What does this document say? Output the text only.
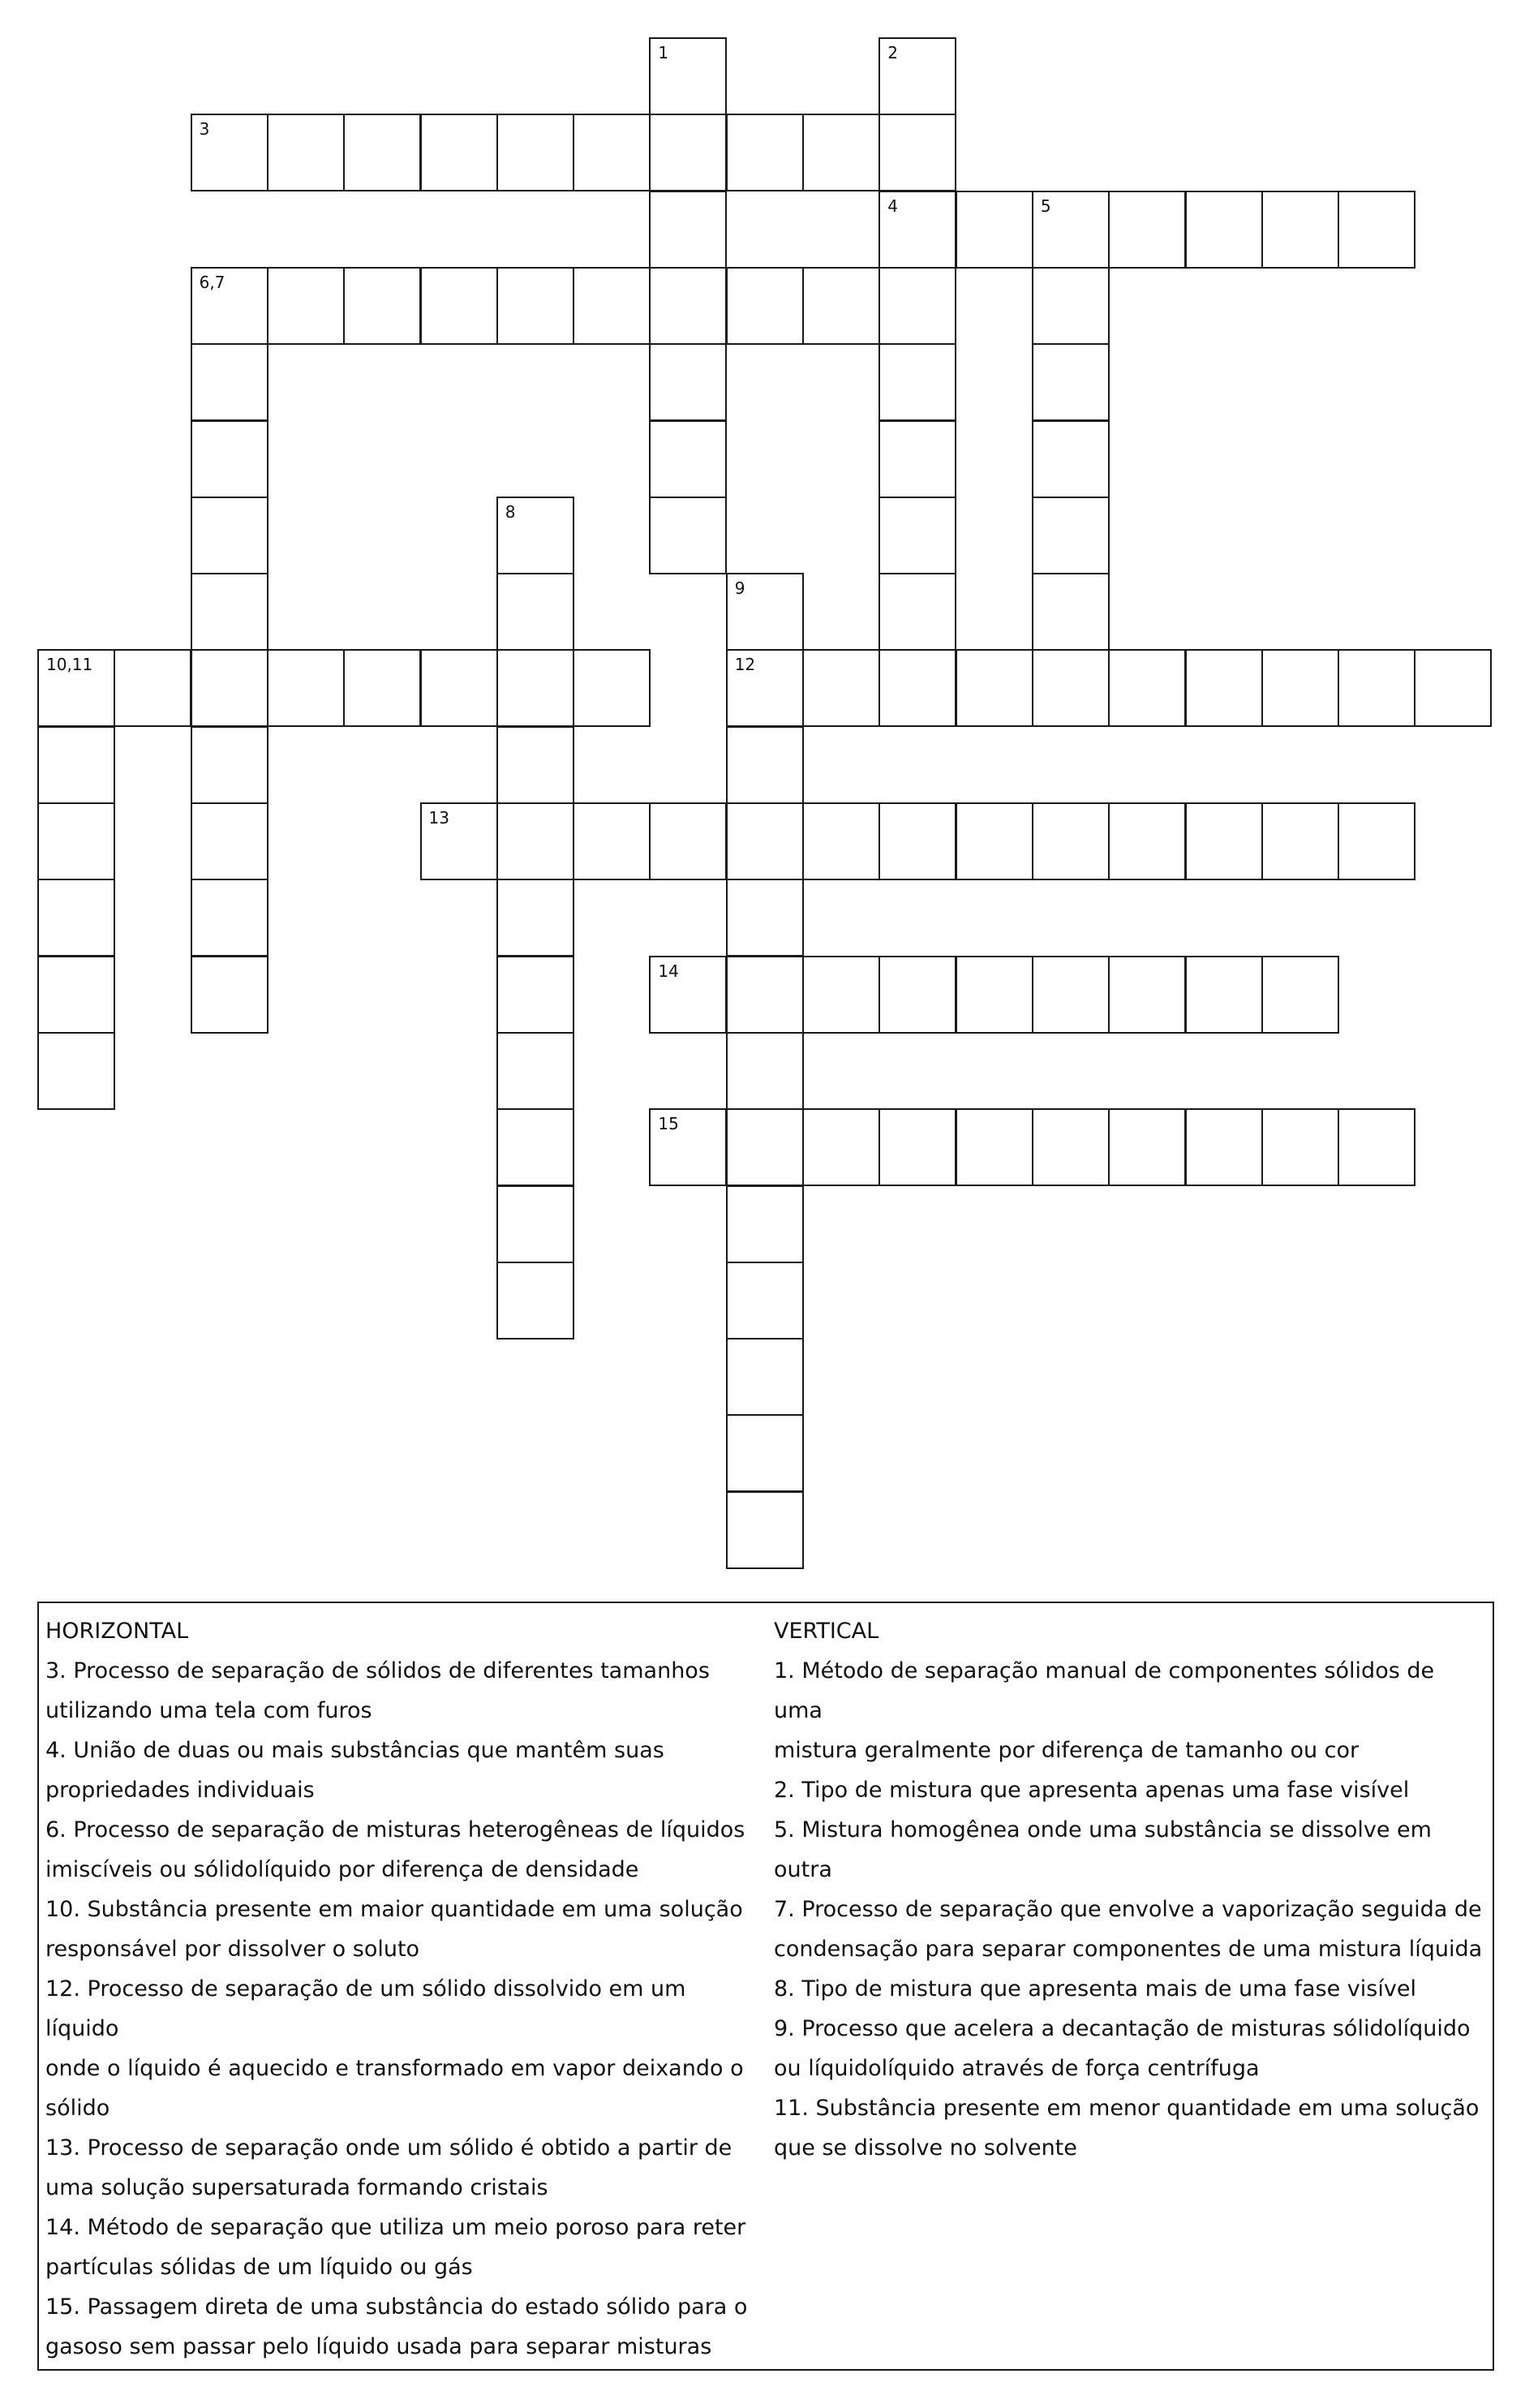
3
4	5
6,7
10,11	12
13
14
15
1	2
8
9
HORIZONTAL
3. Processo de separação de sólidos de diferentes tamanhos
utilizando uma tela com furos
4. União de duas ou mais substâncias que mantêm suas
propriedades individuais
6. Processo de separação de misturas heterogêneas de líquidos
imiscíveis ou sólidolíquido por diferença de densidade
10. Substância presente em maior quantidade em uma solução
responsável por dissolver o soluto
12. Processo de separação de um sólido dissolvido em um líquido
onde o líquido é aquecido e transformado em vapor deixando o
sólido
13. Processo de separação onde um sólido é obtido a partir de
uma solução supersaturada formando cristais
14. Método de separação que utiliza um meio poroso para reter
partículas sólidas de um líquido ou gás
15. Passagem direta de uma substância do estado sólido para o
gasoso sem passar pelo líquido usada para separar misturas
VERTICAL
1. Método de separação manual de componentes sólidos de uma
mistura geralmente por diferença de tamanho ou cor
2. Tipo de mistura que apresenta apenas uma fase visível
5. Mistura homogênea onde uma substância se dissolve em outra
7. Processo de separação que envolve a vaporização seguida de
condensação para separar componentes de uma mistura líquida
8. Tipo de mistura que apresenta mais de uma fase visível
9. Processo que acelera a decantação de misturas sólidolíquido
ou líquidolíquido através de força centrífuga
11. Substância presente em menor quantidade em uma solução
que se dissolve no solvente
